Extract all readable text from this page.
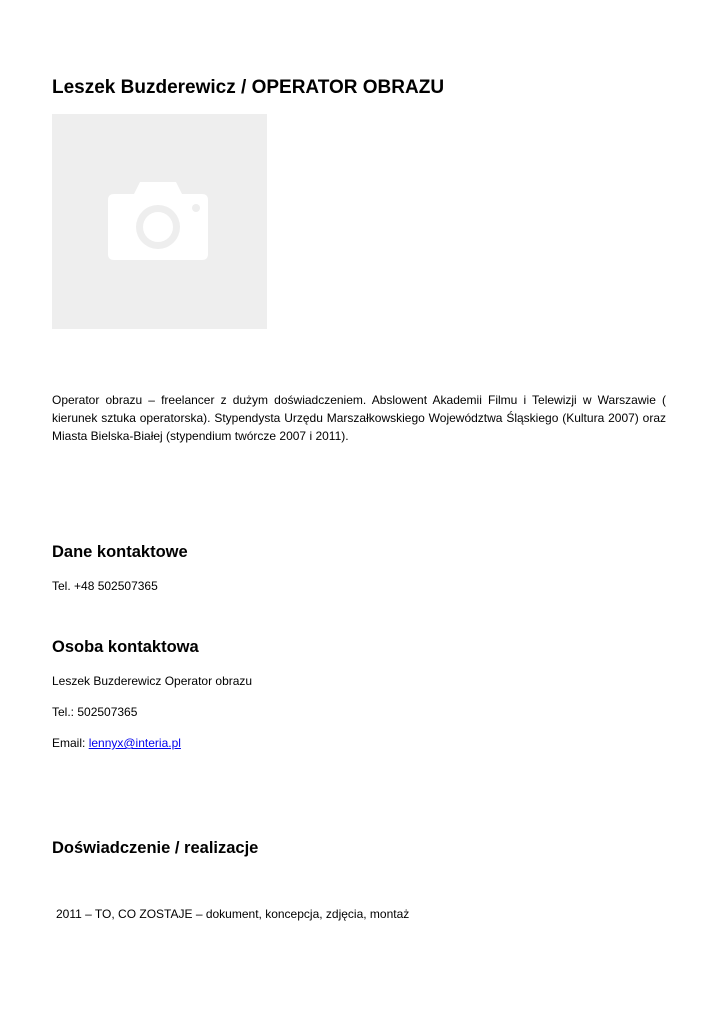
Leszek Buzderewicz / OPERATOR OBRAZU
Operator obrazu – freelancer z dużym doświadczeniem. Abslowent Akademii Filmu i Telewizji w Warszawie ( kierunek sztuka operatorska). Stypendysta Urzędu Marszałkowskiego Województwa Śląskiego (Kultura 2007) oraz Miasta Bielska-Białej (stypendium twórcze 2007 i 2011).
Dane kontaktowe
Tel. +48 502507365
Osoba kontaktowa
Leszek Buzderewicz Operator obrazu
Tel.: 502507365
Email: lennyx@interia.pl
Doświadczenie / realizacje
2011 – TO, CO ZOSTAJE – dokument, koncepcja, zdjęcia, montaż
